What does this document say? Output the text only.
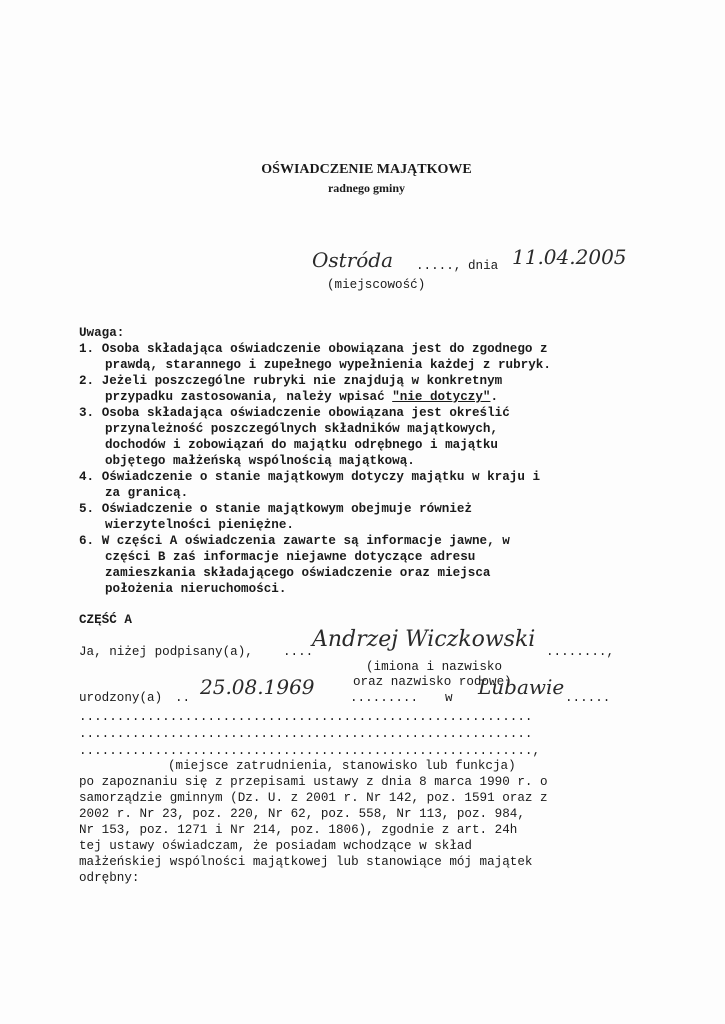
OŚWIADCZENIE MAJĄTKOWE
radnego gminy
Ostróda ....., dnia 11.04.2005
(miejscowość)
Uwaga:
1. Osoba składająca oświadczenie obowiązana jest do zgodnego z
prawdą, starannego i zupełnego wypełnienia każdej z rubryk.
2. Jeżeli poszczególne rubryki nie znajdują w konkretnym
przypadku zastosowania, należy wpisać "nie dotyczy".
3. Osoba składająca oświadczenie obowiązana jest określić
przynależność poszczególnych składników majątkowych,
dochodów i zobowiązań do majątku odrębnego i majątku
objętego małżeńską wspólnością majątkową.
4. Oświadczenie o stanie majątkowym dotyczy majątku w kraju i
za granicą.
5. Oświadczenie o stanie majątkowym obejmuje również
wierzytelności pieniężne.
6. W części A oświadczenia zawarte są informacje jawne, w
części B zaś informacje niejawne dotyczące adresu
zamieszkania składającego oświadczenie oraz miejsca
położenia nieruchomości.
CZĘŚĆ A
Ja, niżej podpisany(a), ....
Andrzej Wiczkowski ........,
(imiona i nazwisko
oraz nazwisko rodowe)
urodzony(a) .. 25.08.1969	......... w Lubawie ......
............................................................
............................................................
............................................................,
(miejsce zatrudnienia, stanowisko lub funkcja)
po zapoznaniu się z przepisami ustawy z dnia 8 marca 1990 r. o
samorządzie gminnym (Dz. U. z 2001 r. Nr 142, poz. 1591 oraz z
2002 r. Nr 23, poz. 220, Nr 62, poz. 558, Nr 113, poz. 984,
Nr 153, poz. 1271 i Nr 214, poz. 1806), zgodnie z art. 24h
tej ustawy oświadczam, że posiadam wchodzące w skład
małżeńskiej wspólności majątkowej lub stanowiące mój majątek
odrębny:
